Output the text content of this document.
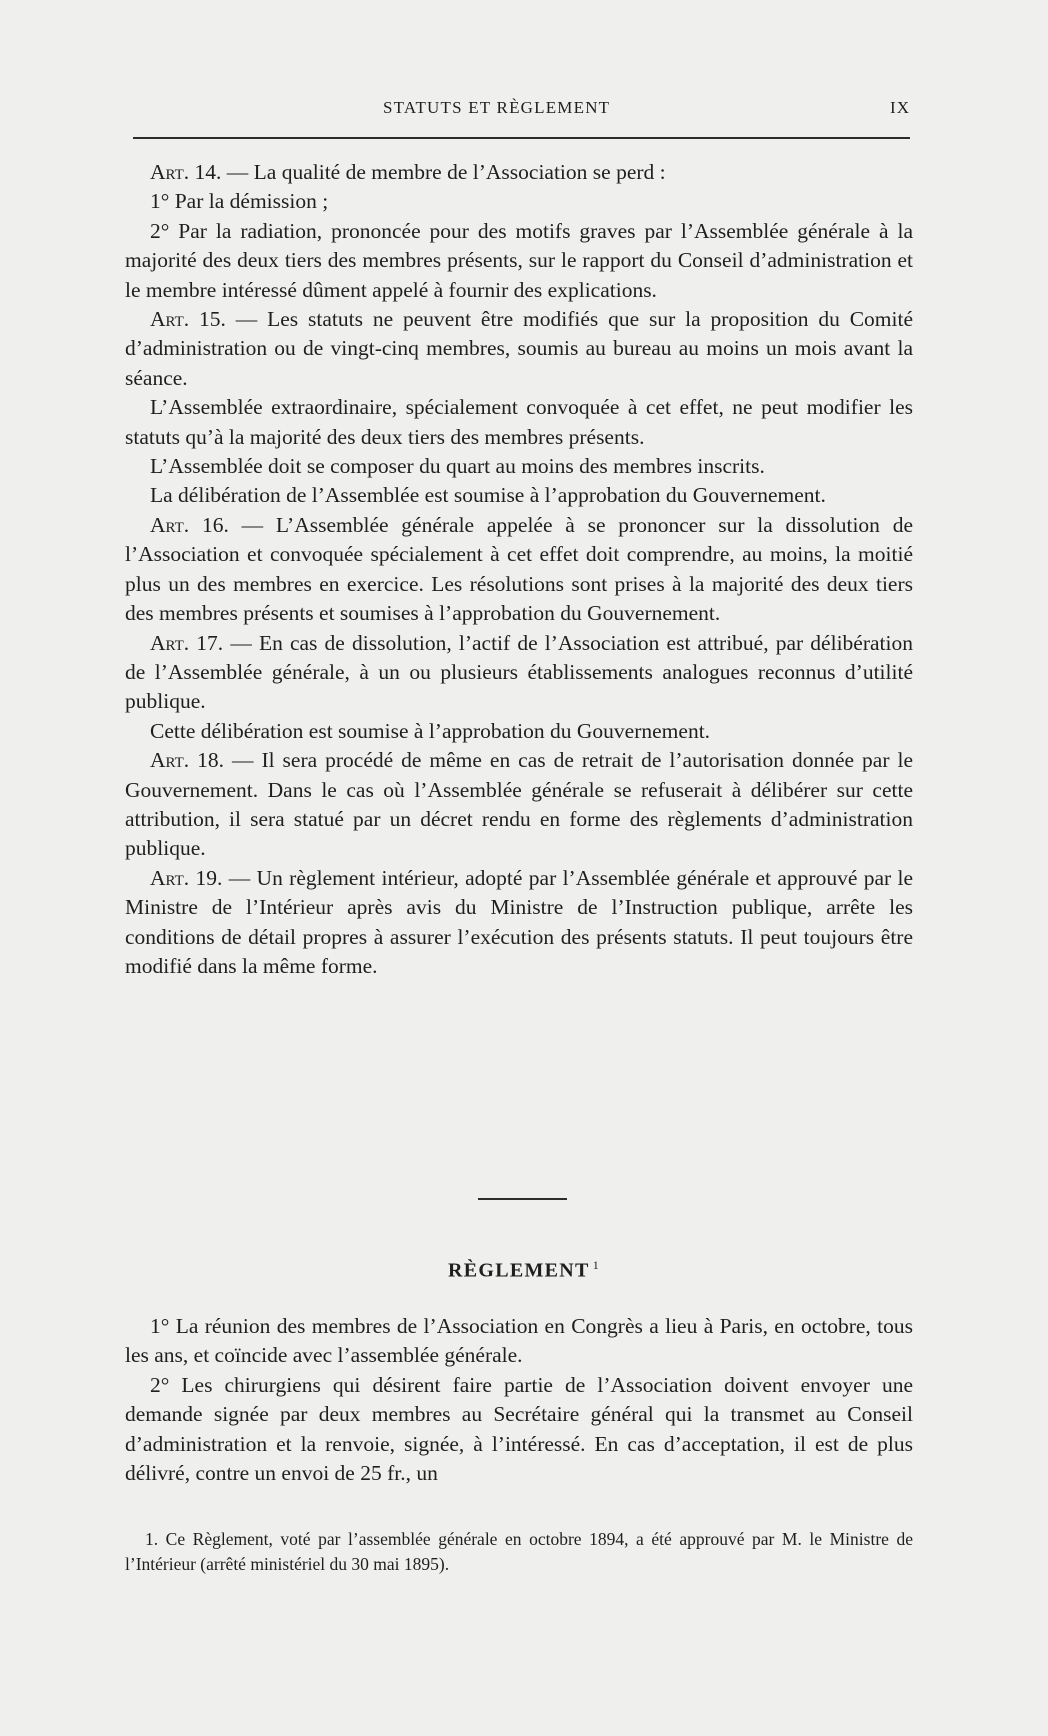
STATUTS ET RÈGLEMENT	IX

Art. 14. — La qualité de membre de l’Association se perd :

1° Par la démission ;

2° Par la radiation, prononcée pour des motifs graves par l’Assemblée générale à la majorité des deux tiers des membres présents, sur le rapport du Conseil d’administration et le membre intéressé dûment appelé à fournir des explications.

Art. 15. — Les statuts ne peuvent être modifiés que sur la proposition du Comité d’administration ou de vingt-cinq membres, soumis au bureau au moins un mois avant la séance.

L’Assemblée extraordinaire, spécialement convoquée à cet effet, ne peut modifier les statuts qu’à la majorité des deux tiers des membres présents.

L’Assemblée doit se composer du quart au moins des membres inscrits.

La délibération de l’Assemblée est soumise à l’approbation du Gouvernement.

Art. 16. — L’Assemblée générale appelée à se prononcer sur la dissolution de l’Association et convoquée spécialement à cet effet doit comprendre, au moins, la moitié plus un des membres en exercice. Les résolutions sont prises à la majorité des deux tiers des membres présents et soumises à l’approbation du Gouvernement.

Art. 17. — En cas de dissolution, l’actif de l’Association est attribué, par délibération de l’Assemblée générale, à un ou plusieurs établissements analogues reconnus d’utilité publique.

Cette délibération est soumise à l’approbation du Gouvernement.

Art. 18. — Il sera procédé de même en cas de retrait de l’autorisation donnée par le Gouvernement. Dans le cas où l’Assemblée générale se refuserait à délibérer sur cette attribution, il sera statué par un décret rendu en forme des règlements d’administration publique.

Art. 19. — Un règlement intérieur, adopté par l’Assemblée générale et approuvé par le Ministre de l’Intérieur après avis du Ministre de l’Instruction publique, arrête les conditions de détail propres à assurer l’exécution des présents statuts. Il peut toujours être modifié dans la même forme.

RÈGLEMENT $^1$

1° La réunion des membres de l’Association en Congrès a lieu à Paris, en octobre, tous les ans, et coïncide avec l’assemblée générale.

2° Les chirurgiens qui désirent faire partie de l’Association doivent envoyer une demande signée par deux membres au Secrétaire général qui la transmet au Conseil d’administration et la renvoie, signée, à l’intéressé. En cas d’acceptation, il est de plus délivré, contre un envoi de 25 fr., un

1. Ce Règlement, voté par l’assemblée générale en octobre 1894, a été approuvé par M. le Ministre de l’Intérieur (arrêté ministériel du 30 mai 1895).
